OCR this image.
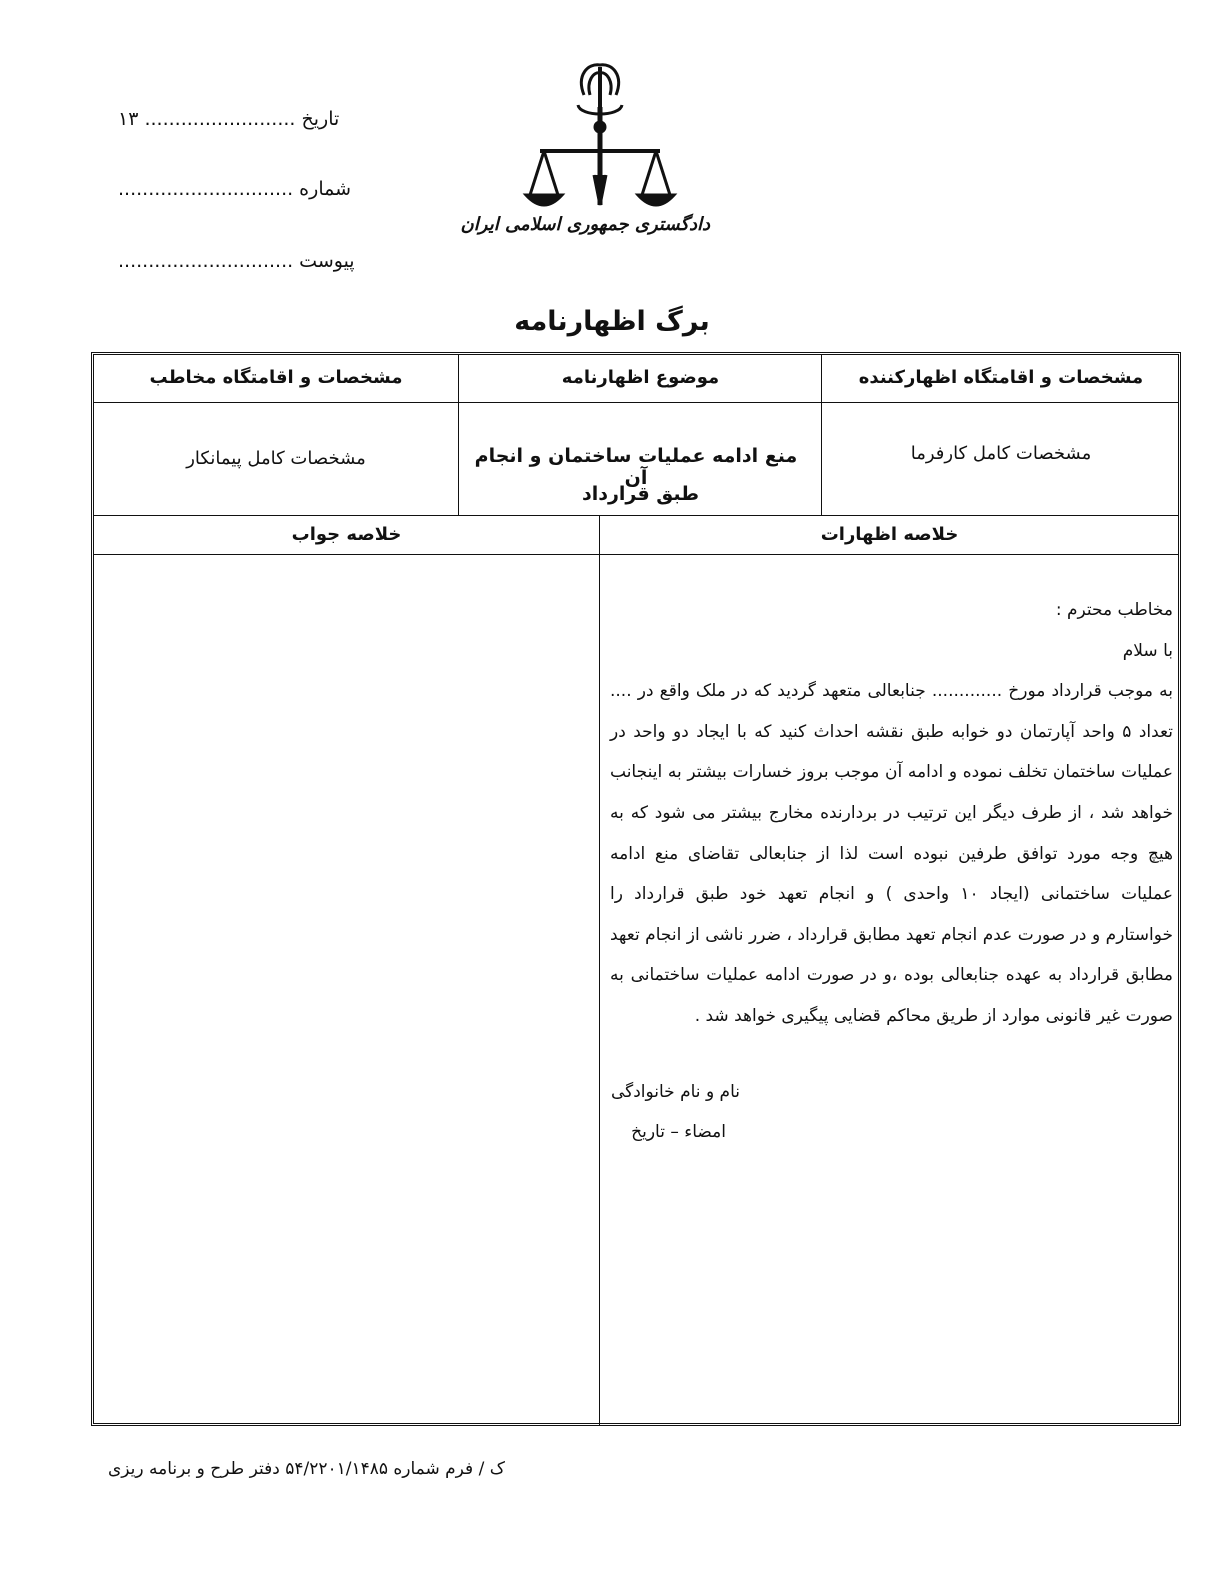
تاریخ ......................... ۱۳
شماره .............................
پیوست .............................
دادگستری جمهوری اسلامی ایران
برگ اظهارنامه
مشخصات و اقامتگاه اظهارکننده
موضوع اظهارنامه
مشخصات و اقامتگاه مخاطب
مشخصات کامل کارفرما
منع ادامه عملیات ساختمان و انجام آن
طبق قرارداد
مشخصات کامل پیمانکار
خلاصه اظهارات
خلاصه جواب

مخاطب محترم :

با سلام

به موجب قرارداد مورخ ............. جنابعالی متعهد گردید که در ملک واقع در .... تعداد ۵ واحد آپارتمان دو خوابه طبق نقشه احداث کنید که با ایجاد دو واحد در عملیات ساختمان تخلف نموده و ادامه آن موجب بروز خسارات بیشتر به اینجانب خواهد شد ، از طرف دیگر این ترتیب در بردارنده مخارج بیشتر می شود که به هیچ وجه مورد توافق طرفین نبوده است لذا از جنابعالی تقاضای منع ادامه عملیات ساختمانی (ایجاد ۱۰ واحدی ) و انجام تعهد خود طبق قرارداد را خواستارم و در صورت عدم انجام تعهد مطابق قرارداد ، ضرر ناشی از انجام تعهد مطابق قرارداد به عهده جنابعالی بوده ،و در صورت ادامه عملیات ساختمانی به صورت غیر قانونی موارد از طریق محاکم قضایی پیگیری خواهد شد .

نام و نام خانوادگی
امضاء – تاریخ
ک / فرم شماره ۵۴/۲۲۰۱/۱۴۸۵ دفتر طرح و برنامه ریزی
